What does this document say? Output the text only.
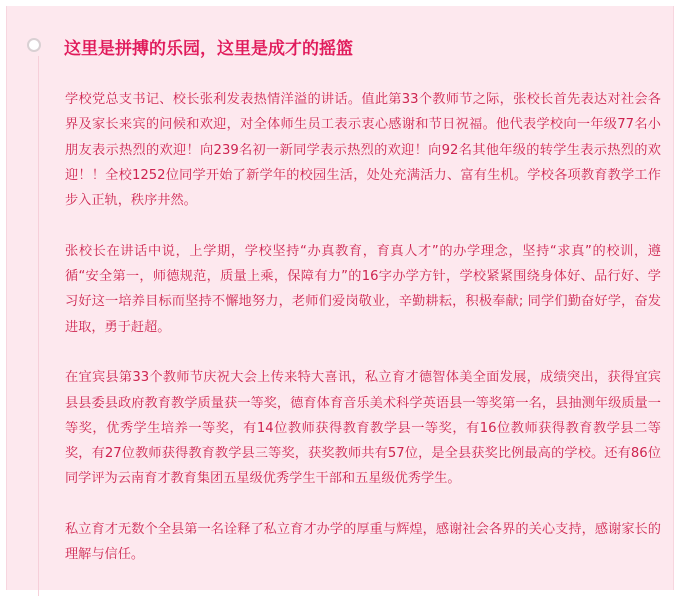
这里是拼搏的乐园，这里是成才的摇篮

学校党总支书记、校长张利发表热情洋溢的讲话。值此第33个教师节之际，张校长首先表达对社会各界及家长来宾的问候和欢迎，对全体师生员工表示衷心感谢和节日祝福。他代表学校向一年级77名小朋友表示热烈的欢迎！向239名初一新同学表示热烈的欢迎！向92名其他年级的转学生表示热烈的欢迎！！全校1252位同学开始了新学年的校园生活，处处充满活力、富有生机。学校各项教育教学工作步入正轨，秩序井然。

张校长在讲话中说，上学期，学校坚持“办真教育，育真人才”的办学理念，坚持“求真”的校训，遵循“安全第一，师德规范，质量上乘，保障有力”的16字办学方针，学校紧紧围绕身体好、品行好、学习好这一培养目标而坚持不懈地努力，老师们爱岗敬业，辛勤耕耘，积极奉献; 同学们勤奋好学，奋发进取，勇于赶超。

在宜宾县第33个教师节庆祝大会上传来特大喜讯，私立育才德智体美全面发展，成绩突出，获得宜宾县县委县政府教育教学质量获一等奖，德育体育音乐美术科学英语县一等奖第一名，县抽测年级质量一等奖，优秀学生培养一等奖，有14位教师获得教育教学县一等奖，有16位教师获得教育教学县二等奖，有27位教师获得教育教学县三等奖，获奖教师共有57位，是全县获奖比例最高的学校。还有86位同学评为云南育才教育集团五星级优秀学生干部和五星级优秀学生。

私立育才无数个全县第一名诠释了私立育才办学的厚重与辉煌，感谢社会各界的关心支持，感谢家长的理解与信任。
